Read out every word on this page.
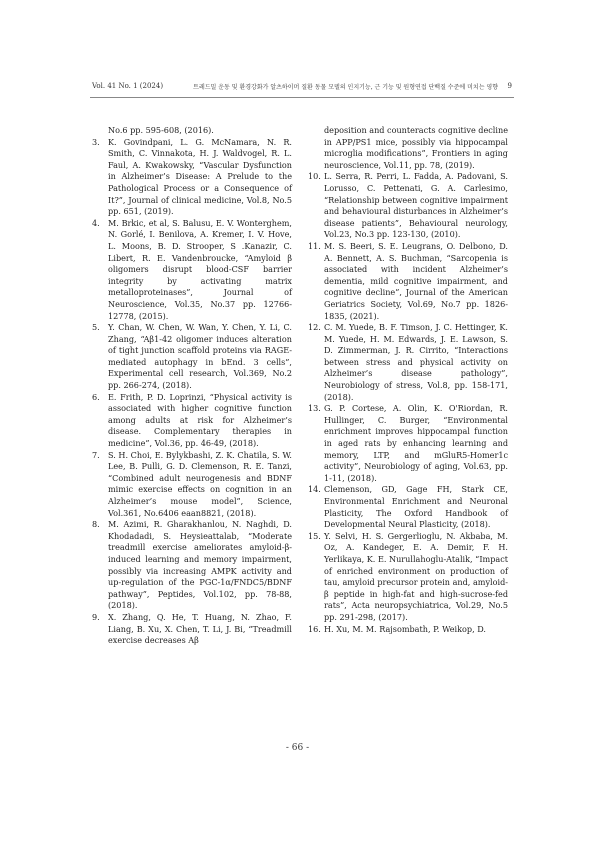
Vol. 41 No. 1 (2024)	트레드밀 운동 및 환경강화가 알츠하이머 질환 동물 모델의 인지기능, 근 기능 및 원형연접 단백질 수준에 미치는 영향 9
No.6 pp. 595-608, (2016).
3. K. Govindpani, L. G. McNamara, N. R. Smith, C. Vinnakota, H. J. Waldvogel, R. L. Faul, A. Kwakowsky, “Vascular Dysfunction in Alzheimer’s Disease: A Prelude to the Pathological Process or a Consequence of It?”, Journal of clinical medicine, Vol.8, No.5 pp. 651, (2019).
4. M. Brkic, et al, S. Balusu, E. V. Wonterghem, N. Gorlé, I. Benilova, A. Kremer, I. V. Hove, L. Moons, B. D. Strooper, S .Kanazir, C. Libert, R. E. Vandenbroucke, “Amyloid β oligomers disrupt blood-CSF barrier integrity by activating matrix metalloproteinases”, Journal of Neuroscience, Vol.35, No.37 pp. 12766-12778, (2015).
5. Y. Chan, W. Chen, W. Wan, Y. Chen, Y. Li, C. Zhang, “Aβ1-42 oligomer induces alteration of tight junction scaffold proteins via RAGE-mediated autophagy in bEnd. 3 cells”, Experimental cell research, Vol.369, No.2 pp. 266-274, (2018).
6. E. Frith, P. D. Loprinzi, “Physical activity is associated with higher cognitive function among adults at risk for Alzheimer’s disease. Complementary therapies in medicine”, Vol.36, pp. 46-49, (2018).
7. S. H. Choi, E. Bylykbashi, Z. K. Chatila, S. W. Lee, B. Pulli, G. D. Clemenson, R. E. Tanzi, “Combined adult neurogenesis and BDNF mimic exercise effects on cognition in an Alzheimer’s mouse model”, Science, Vol.361, No.6406 eaan8821, (2018).
8. M. Azimi, R. Gharakhanlou, N. Naghdi, D. Khodadadi, S. Heysieattalab, “Moderate treadmill exercise ameliorates amyloid-β-induced learning and memory impairment, possibly via increasing AMPK activity and up-regulation of the PGC-1α/FNDC5/BDNF pathway”, Peptides, Vol.102, pp. 78-88, (2018).
9. X. Zhang, Q. He, T. Huang, N. Zhao, F. Liang, B. Xu, X. Chen, T. Li, J. Bi, “Treadmill exercise decreases Aβ
deposition and counteracts cognitive decline in APP/PS1 mice, possibly via hippocampal microglia modifications”, Frontiers in aging neuroscience, Vol.11, pp. 78, (2019).
10. L. Serra, R. Perri, L. Fadda, A. Padovani, S. Lorusso, C. Pettenati, G. A. Carlesimo, “Relationship between cognitive impairment and behavioural disturbances in Alzheimer’s disease patients”, Behavioural neurology, Vol.23, No.3 pp. 123-130, (2010).
11. M. S. Beeri, S. E. Leugrans, O. Delbono, D. A. Bennett, A. S. Buchman, “Sarcopenia is associated with incident Alzheimer’s dementia, mild cognitive impairment, and cognitive decline”, Journal of the American Geriatrics Society, Vol.69, No.7 pp. 1826-1835, (2021).
12. C. M. Yuede, B. F. Timson, J. C. Hettinger, K. M. Yuede, H. M. Edwards, J. E. Lawson, S. D. Zimmerman, J. R. Cirrito, “Interactions between stress and physical activity on Alzheimer’s disease pathology”, Neurobiology of stress, Vol.8, pp. 158-171, (2018).
13. G. P. Cortese, A. Olin, K. O'Riordan, R. Hullinger, C. Burger, “Environmental enrichment improves hippocampal function in aged rats by enhancing learning and memory, LTP, and mGluR5-Homer1c activity”, Neurobiology of aging, Vol.63, pp. 1-11, (2018).
14. Clemenson, GD, Gage FH, Stark CE, Environmental Enrichment and Neuronal Plasticity, The Oxford Handbook of Developmental Neural Plasticity, (2018).
15. Y. Selvi, H. S. Gergerlioglu, N. Akbaba, M. Oz, A. Kandeger, E. A. Demir, F. H. Yerlikaya, K. E. Nurullahoglu-Atalik, “Impact of enriched environment on production of tau, amyloid precursor protein and, amyloid-β peptide in high-fat and high-sucrose-fed rats”, Acta neuropsychiatrica, Vol.29, No.5 pp. 291-298, (2017).
16. H. Xu, M. M. Rajsombath, P. Weikop, D.
- 66 -
